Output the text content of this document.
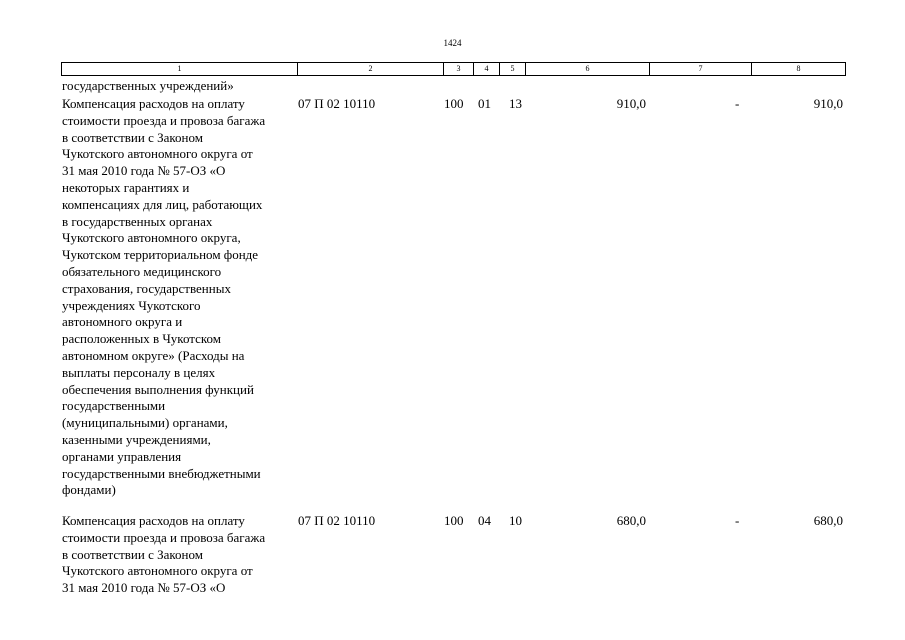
1424
1	2	3	4	5	6	7	8
государственных учреждений»
Компенсация расходов на оплату
стоимости проезда и провоза багажа
в соответствии с Законом
Чукотского автономного округа от
31 мая 2010 года № 57-ОЗ «О
некоторых гарантиях и
компенсациях для лиц, работающих
в государственных органах
Чукотского автономного округа,
Чукотском территориальном фонде
обязательного медицинского
страхования, государственных
учреждениях Чукотского
автономного округа и
расположенных в Чукотском
автономном округе» (Расходы на
выплаты персоналу в целях
обеспечения выполнения функций
государственными
(муниципальными) органами,
казенными учреждениями,
органами управления
государственными внебюджетными
фондами)
07 П 02 10110	100 01 13	910,0	-	910,0
Компенсация расходов на оплату
стоимости проезда и провоза багажа
в соответствии с Законом
Чукотского автономного округа от
31 мая 2010 года № 57-ОЗ «О
07 П 02 10110	100 04 10	680,0	-	680,0
